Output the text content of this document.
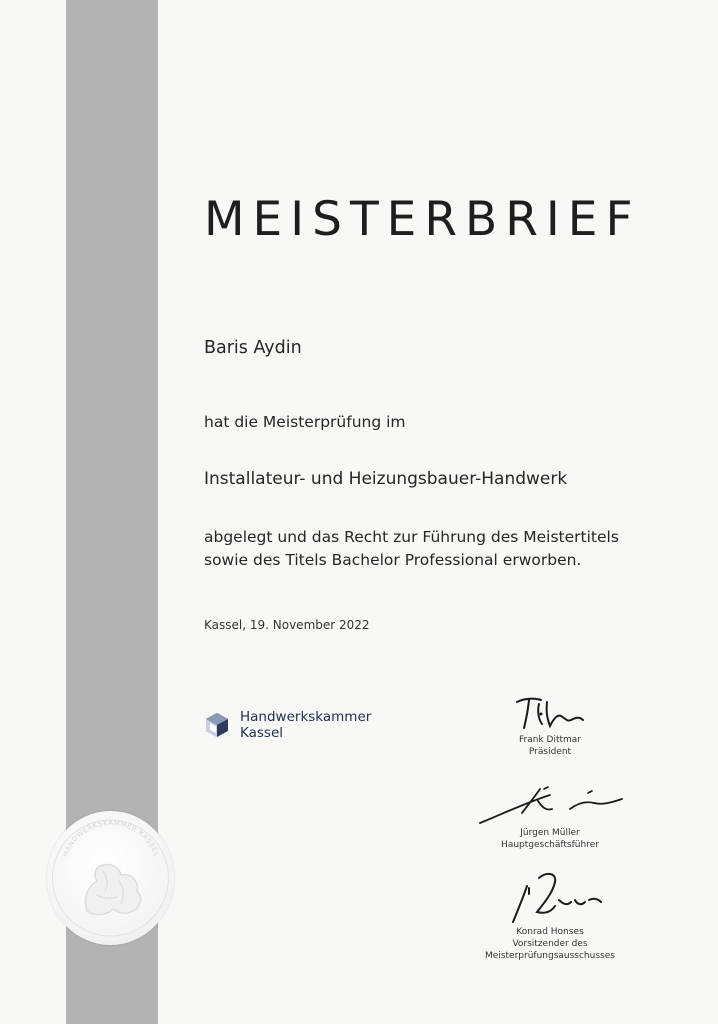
MEISTERBRIEF

Baris Aydin

hat die Meisterprüfung im

Installateur- und Heizungsbauer-Handwerk

abgelegt und das Recht zur Führung des Meistertitels
sowie des Titels Bachelor Professional erworben.

Kassel, 19. November 2022

Handwerkskammer
Kassel	Frank Dittmar
Präsident
Jürgen Müller
Hauptgeschäftsführer
Konrad Honses
Vorsitzender des
Meisterprüfungsausschusses
HANDWERKSKAMMER KASSEL
